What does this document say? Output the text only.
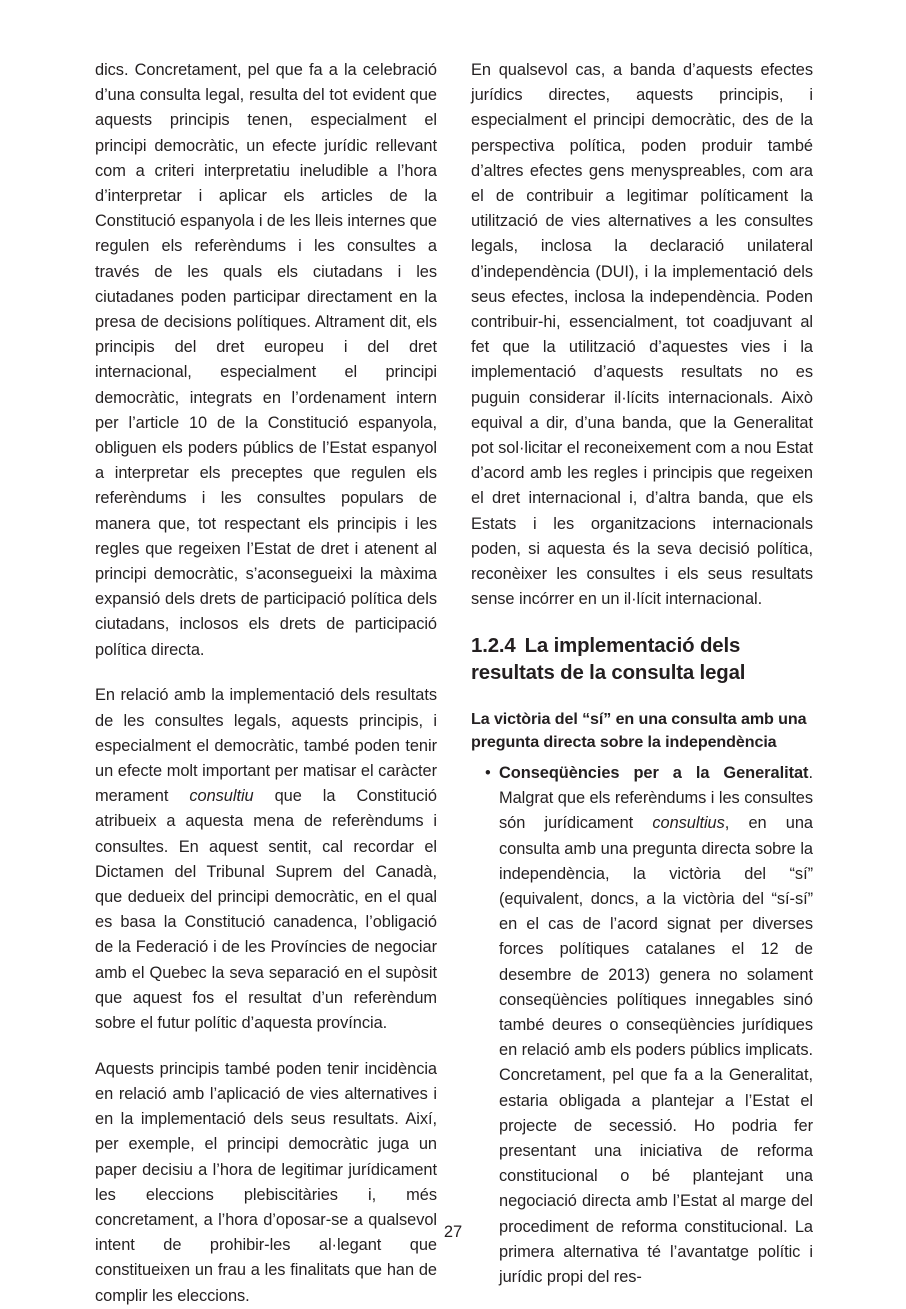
dics. Concretament, pel que fa a la celebració d’una consulta legal, resulta del tot evident que aquests principis tenen, especialment el principi democràtic, un efecte jurídic rellevant com a criteri interpretatiu ineludible a l’hora d’interpretar i aplicar els articles de la Constitució espanyola i de les lleis internes que regulen els referèndums i les consultes a través de les quals els ciutadans i les ciutadanes poden participar directament en la presa de decisions polítiques. Altrament dit, els principis del dret europeu i del dret internacional, especialment el principi democràtic, integrats en l’ordenament intern per l’article 10 de la Constitució espanyola, obliguen els poders públics de l’Estat espanyol a interpretar els preceptes que regulen els referèndums i les consultes populars de manera que, tot respectant els principis i les regles que regeixen l’Estat de dret i atenent al principi democràtic, s’aconsegueixi la màxima expansió dels drets de participació política dels ciutadans, inclosos els drets de participació política directa.

En relació amb la implementació dels resultats de les consultes legals, aquests principis, i especialment el democràtic, també poden tenir un efecte molt important per matisar el caràcter merament consultiu que la Constitució atribueix a aquesta mena de referèndums i consultes. En aquest sentit, cal recordar el Dictamen del Tribunal Suprem del Canadà, que dedueix del principi democràtic, en el qual es basa la Constitució canadenca, l’obligació de la Federació i de les Províncies de negociar amb el Quebec la seva separació en el supòsit que aquest fos el resultat d’un referèndum sobre el futur polític d’aquesta província.

Aquests principis també poden tenir incidència en relació amb l’aplicació de vies alternatives i en la implementació dels seus resultats. Així, per exemple, el principi democràtic juga un paper decisiu a l’hora de legitimar jurídicament les eleccions plebiscitàries i, més concretament, a l’hora d’oposar-se a qualsevol intent de prohibir-les al·legant que constitueixen un frau a les finalitats que han de complir les eleccions.

En qualsevol cas, a banda d’aquests efectes jurídics directes, aquests principis, i especialment el principi democràtic, des de la perspectiva política, poden produir també d’altres efectes gens menyspreables, com ara el de contribuir a legitimar políticament la utilització de vies alternatives a les consultes legals, inclosa la declaració unilateral d’independència (DUI), i la implementació dels seus efectes, inclosa la independència. Poden contribuir-hi, essencialment, tot coadjuvant al fet que la utilització d’aquestes vies i la implementació d’aquests resultats no es puguin considerar il·lícits internacionals. Això equival a dir, d’una banda, que la Generalitat pot sol·licitar el reconeixement com a nou Estat d’acord amb les regles i principis que regeixen el dret internacional i, d’altra banda, que els Estats i les organitzacions internacionals poden, si aquesta és la seva decisió política, reconèixer les consultes i els seus resultats sense incórrer en un il·lícit internacional.

1.2.4 La implementació dels resultats de la consulta legal
La victòria del “sí” en una consulta amb una pregunta directa sobre la independència
• Conseqüències per a la Generalitat. Malgrat que els referèndums i les consultes són jurídicament consultius, en una consulta amb una pregunta directa sobre la independència, la victòria del “sí” (equivalent, doncs, a la victòria del “sí-sí” en el cas de l’acord signat per diverses forces polítiques catalanes el 12 de desembre de 2013) genera no solament conseqüències polítiques innegables sinó també deures o conseqüències jurídiques en relació amb els poders públics implicats. Concretament, pel que fa a la Generalitat, estaria obligada a plantejar a l’Estat el projecte de secessió. Ho podria fer presentant una iniciativa de reforma constitucional o bé plantejant una negociació directa amb l’Estat al marge del procediment de reforma constitucional. La primera alternativa té l’avantatge polític i jurídic propi del res-
27
